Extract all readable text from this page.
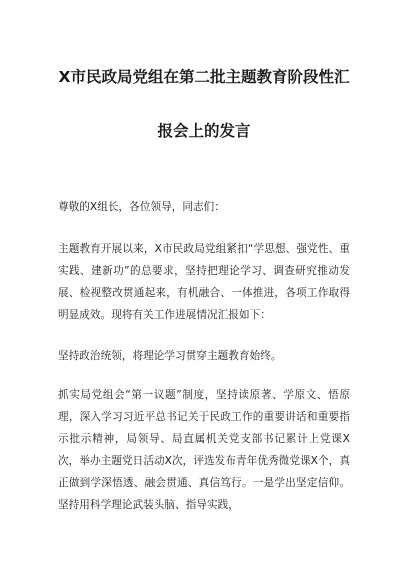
X市民政局党组在第二批主题教育阶段性汇
报会上的发言

尊敬的X组长，各位领导，同志们：

主题教育开展以来，X市民政局党组紧扣“学思想、强党性、重实践、建新功”的总要求，坚持把理论学习、调查研究推动发展、检视整改贯通起来，有机融合、一体推进，各项工作取得明显成效。现将有关工作进展情况汇报如下：

坚持政治统领，将理论学习贯穿主题教育始终。

抓实局党组会“第一议题”制度，坚持读原著、学原文、悟原理，深入学习习近平总书记关于民政工作的重要讲话和重要指示批示精神，局领导、局直属机关党支部书记累计上党课X次，举办主题党日活动X次，评选发布青年优秀微党课X个，真正做到学深悟透、融会贯通、真信笃行。一是学出坚定信仰。坚持用科学理论武装头脑、指导实践，
